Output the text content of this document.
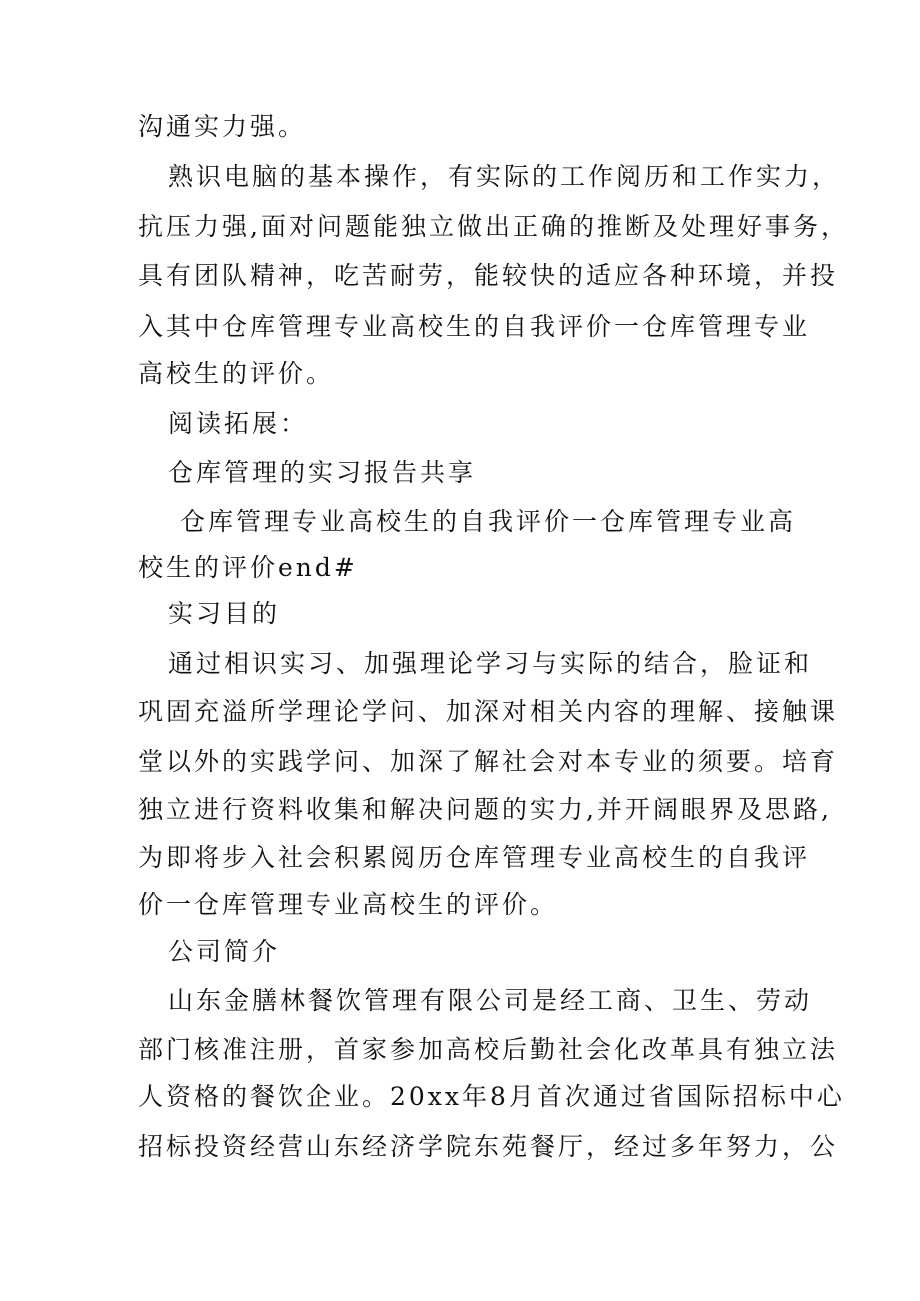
沟通实力强。

熟识电脑的基本操作，有实际的工作阅历和工作实力，

抗压力强,面对问题能独立做出正确的推断及处理好事务，

具有团队精神，吃苦耐劳，能较快的适应各种环境，并投

入其中仓库管理专业高校生的自我评价一仓库管理专业

高校生的评价。

阅读拓展：

仓库管理的实习报告共享

仓库管理专业高校生的自我评价一仓库管理专业高

校生的评价end#

实习目的

通过相识实习、加强理论学习与实际的结合，脸证和

巩固充溢所学理论学问、加深对相关内容的理解、接触课

堂以外的实践学问、加深了解社会对本专业的须要。培育

独立进行资料收集和解决问题的实力,并开阔眼界及思路,

为即将步入社会积累阅历仓库管理专业高校生的自我评

价一仓库管理专业高校生的评价。

公司简介

山东金膳林餐饮管理有限公司是经工商、卫生、劳动

部门核准注册，首家参加高校后勤社会化改革具有独立法

人资格的餐饮企业。20xx年8月首次通过省国际招标中心

招标投资经营山东经济学院东苑餐厅，经过多年努力，公
